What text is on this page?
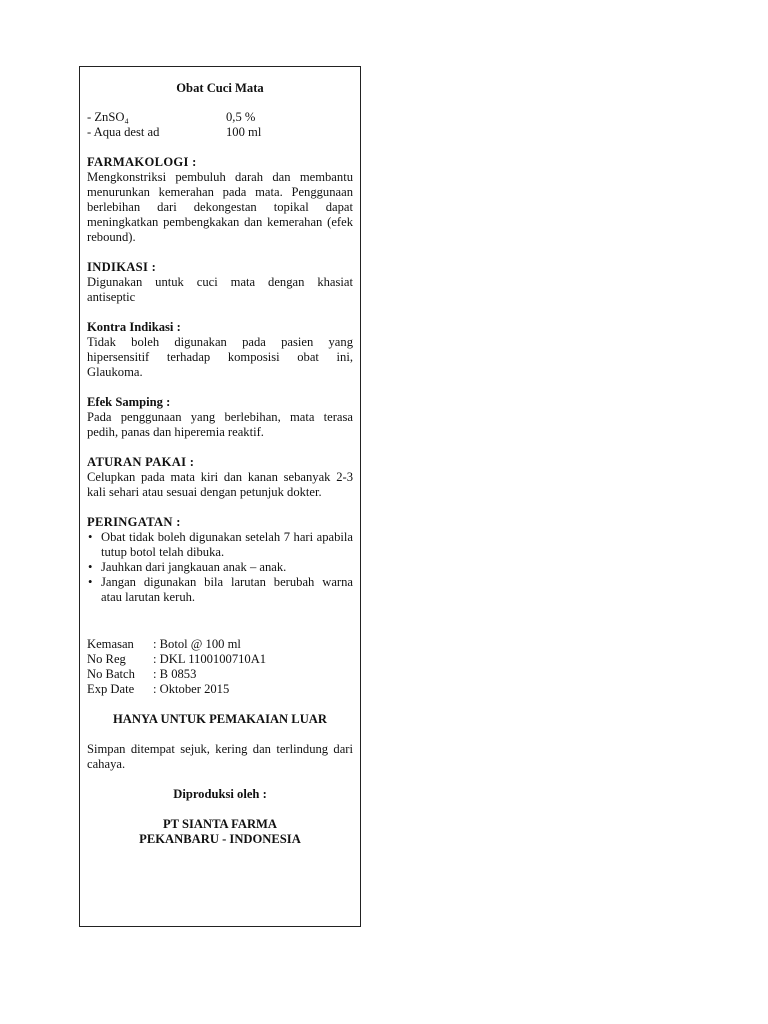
Obat Cuci Mata
- ZnSO₄	0,5 %
- Aqua dest ad	100 ml
FARMAKOLOGI :
Mengkonstriksi pembuluh darah dan membantu menurunkan kemerahan pada mata. Penggunaan berlebihan dari dekongestan topikal dapat meningkatkan pembengkakan dan kemerahan (efek rebound).
INDIKASI :
Digunakan untuk cuci mata dengan khasiat antiseptic
Kontra Indikasi :
Tidak boleh digunakan pada pasien yang hipersensitif terhadap komposisi obat ini, Glaukoma.
Efek Samping :
Pada penggunaan yang berlebihan, mata terasa pedih, panas dan hiperemia reaktif.
ATURAN PAKAI :
Celupkan pada mata kiri dan kanan sebanyak 2-3 kali sehari atau sesuai dengan petunjuk dokter.
PERINGATAN :
• Obat tidak boleh digunakan setelah 7 hari apabila tutup botol telah dibuka.
• Jauhkan dari jangkauan anak – anak.
• Jangan digunakan bila larutan berubah warna atau larutan keruh.
Kemasan	: Botol @ 100 ml
No Reg	: DKL 1100100710A1
No Batch	: B 0853
Exp Date	: Oktober 2015
HANYA UNTUK PEMAKAIAN LUAR
Simpan ditempat sejuk, kering dan terlindung dari cahaya.
Diproduksi oleh :
PT SIANTA FARMA
PEKANBARU - INDONESIA
